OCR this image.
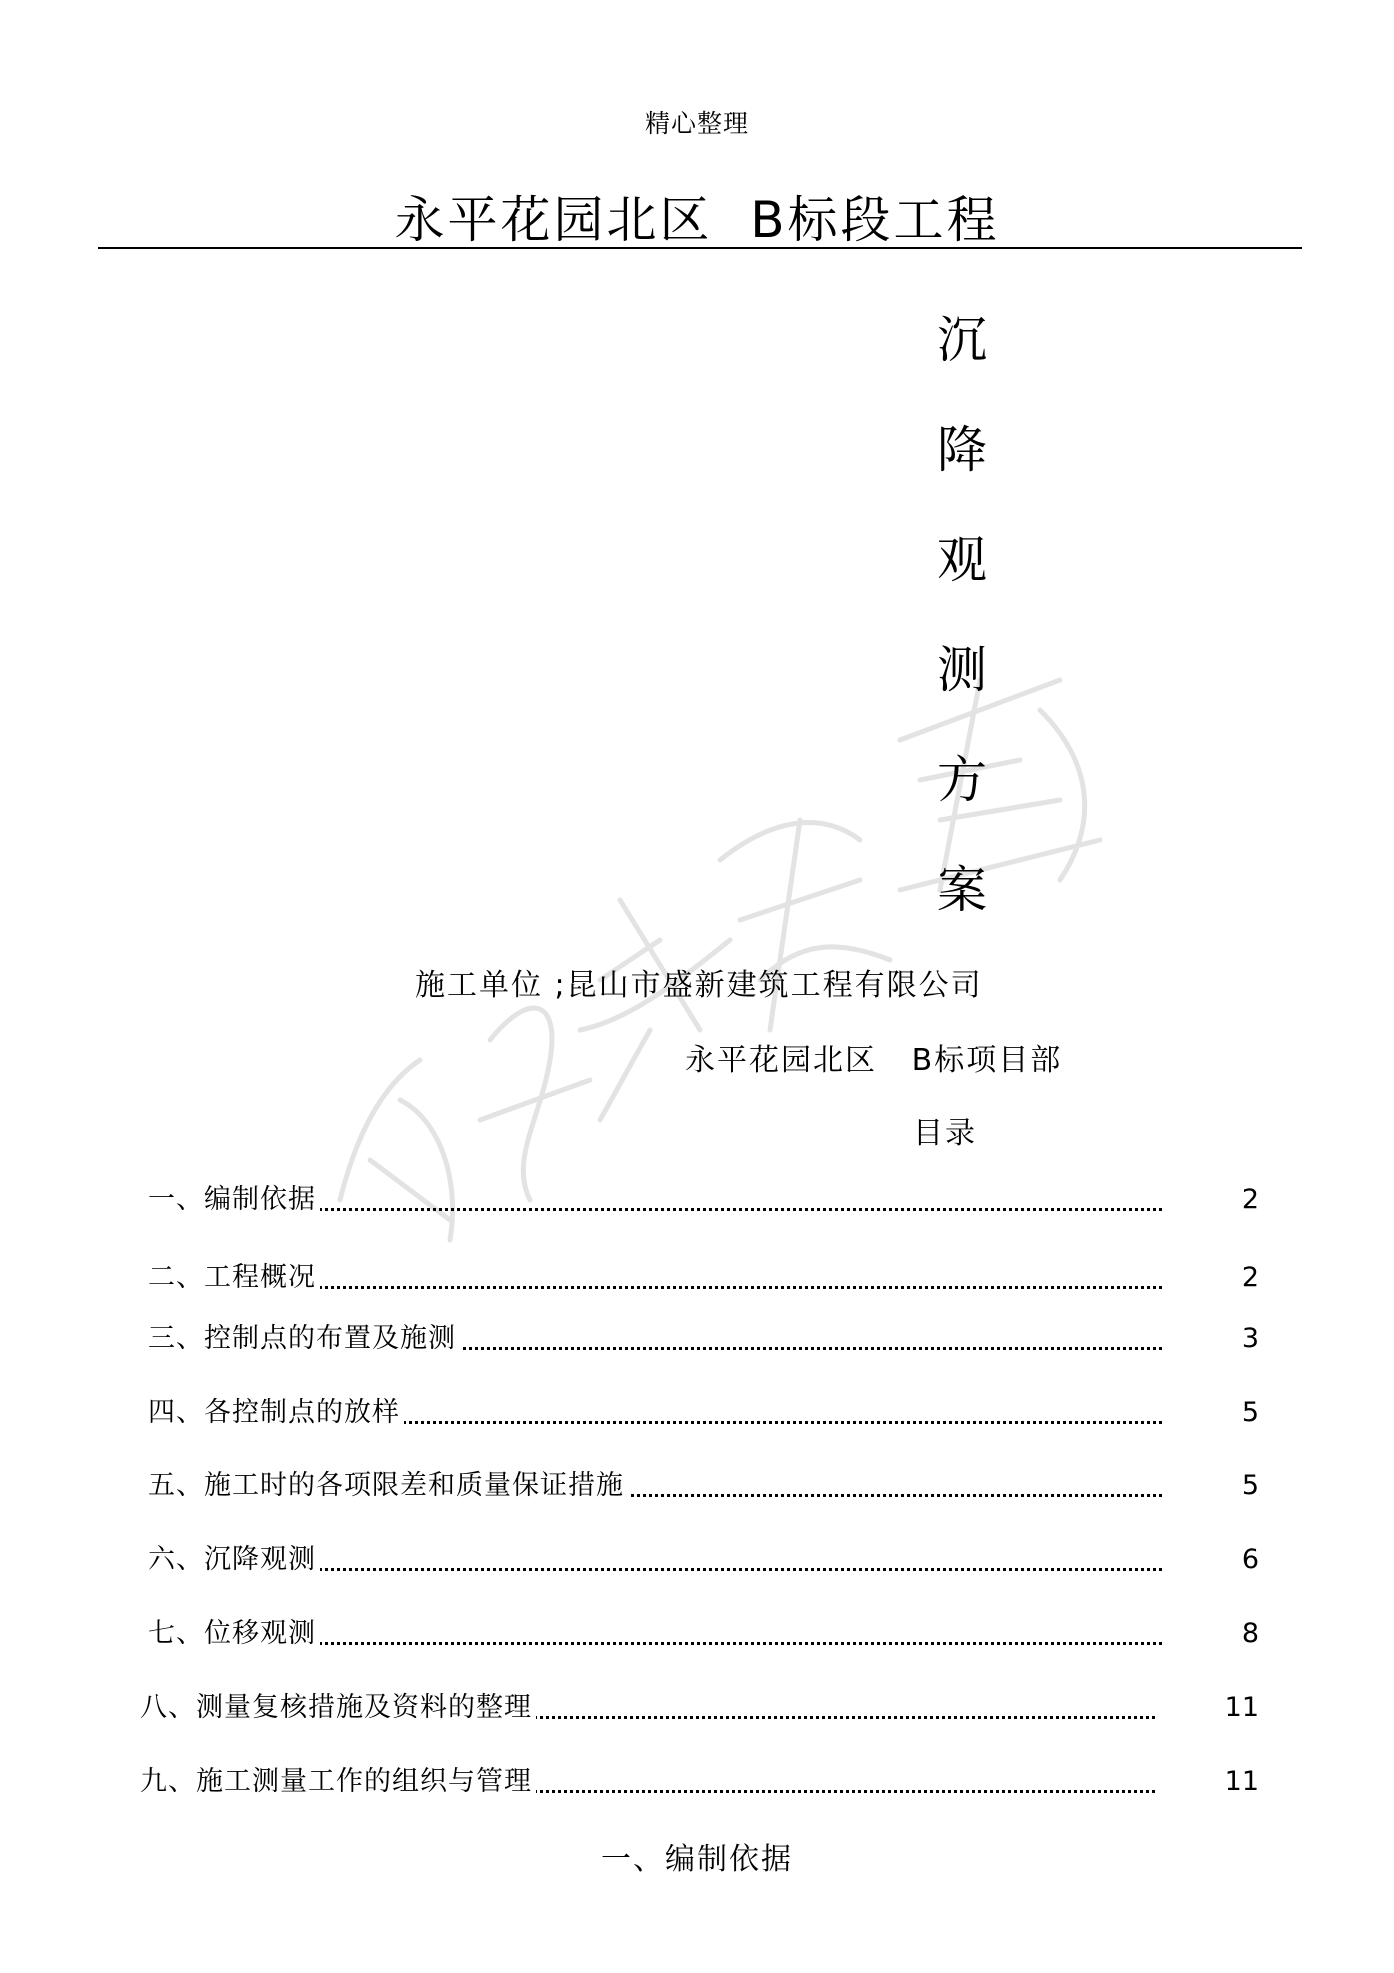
精心整理
永平花园北区  B标段工程
沉
降
观
测
方
案
施工单位 ;昆山市盛新建筑工程有限公司
永平花园北区   B标项目部
目录
一、编制依据	2
二、工程概况	2
三、控制点的布置及施测	3
四、各控制点的放样	5
五、施工时的各项限差和质量保证措施	5
六、沉降观测	6
七、位移观测	8
八、测量复核措施及资料的整理	11
九、施工测量工作的组织与管理	11
一、编制依据
